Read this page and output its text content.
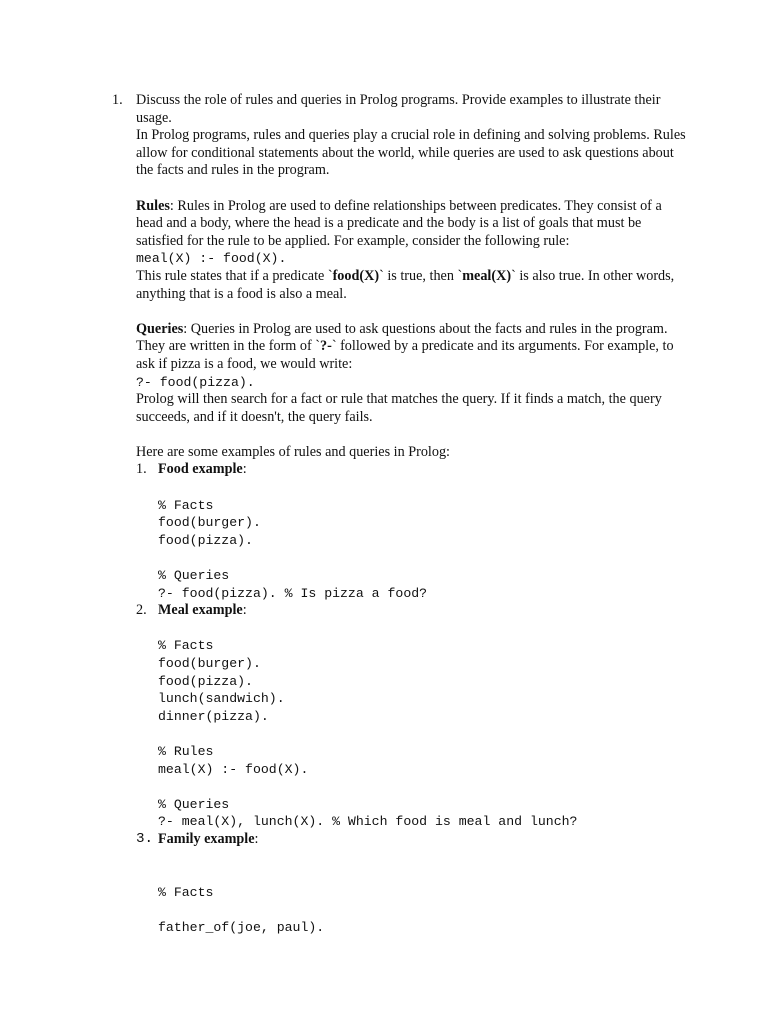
1. Discuss the role of rules and queries in Prolog programs. Provide examples to illustrate their usage.

In Prolog programs, rules and queries play a crucial role in defining and solving problems. Rules allow for conditional statements about the world, while queries are used to ask questions about the facts and rules in the program.

Rules: Rules in Prolog are used to define relationships between predicates. They consist of a head and a body, where the head is a predicate and the body is a list of goals that must be satisfied for the rule to be applied. For example, consider the following rule:

meal(X) :- food(X).

This rule states that if a predicate `food(X)` is true, then `meal(X)` is also true. In other words, anything that is a food is also a meal.

Queries: Queries in Prolog are used to ask questions about the facts and rules in the program. They are written in the form of `?-` followed by a predicate and its arguments. For example, to ask if pizza is a food, we would write:

?- food(pizza).

Prolog will then search for a fact or rule that matches the query. If it finds a match, the query succeeds, and if it doesn't, the query fails.

Here are some examples of rules and queries in Prolog:

1. Food example:

% Facts
food(burger).
food(pizza).
% Queries
?- food(pizza). % Is pizza a food?
2. Meal example:

% Facts
food(burger).
food(pizza).
lunch(sandwich).
dinner(pizza).
% Rules
meal(X) :- food(X).
% Queries
?- meal(X), lunch(X). % Which food is meal and lunch?
3. Family example:

% Facts
father_of(joe, paul).
